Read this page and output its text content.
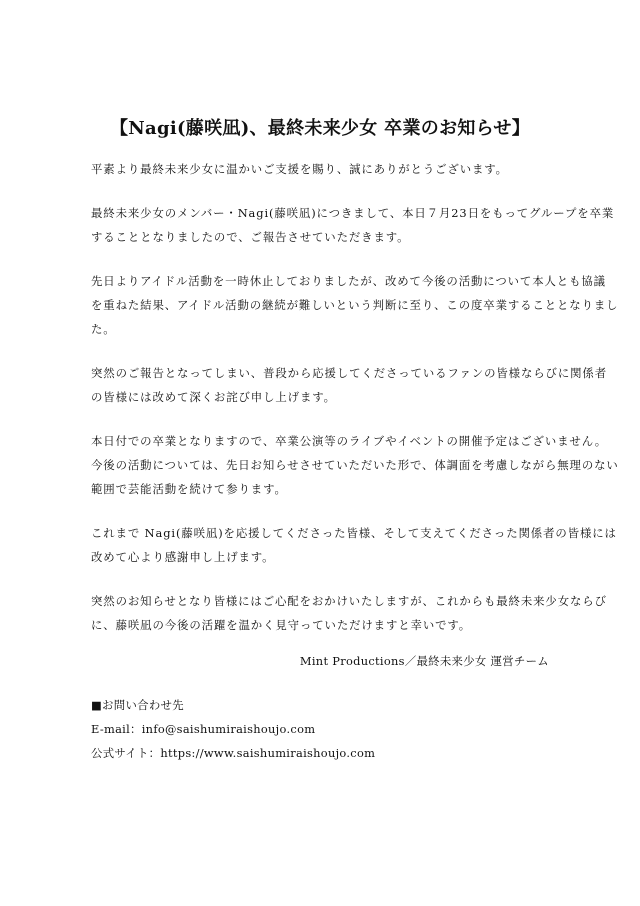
【Nagi(藤咲凪)、最終未来少女 卒業のお知らせ】
平素より最終未来少女に温かいご支援を賜り、誠にありがとうございます。
最終未来少女のメンバー・Nagi(藤咲凪)につきまして、本日７月23日をもってグループを卒業
することとなりましたので、ご報告させていただきます。
先日よりアイドル活動を一時休止しておりましたが、改めて今後の活動について本人とも協議
を重ねた結果、アイドル活動の継続が難しいという判断に至り、この度卒業することとなりまし
た。
突然のご報告となってしまい、普段から応援してくださっているファンの皆様ならびに関係者
の皆様には改めて深くお詫び申し上げます。
本日付での卒業となりますので、卒業公演等のライブやイベントの開催予定はございません。
今後の活動については、先日お知らせさせていただいた形で、体調面を考慮しながら無理のない
範囲で芸能活動を続けて参ります。
これまで Nagi(藤咲凪)を応援してくださった皆様、そして支えてくださった関係者の皆様には
改めて心より感謝申し上げます。
突然のお知らせとなり皆様にはご心配をおかけいたしますが、これからも最終未来少女ならび
に、藤咲凪の今後の活躍を温かく見守っていただけますと幸いです。
Mint Productions／最終未来少女 運営チーム
■お問い合わせ先
E-mail：info@saishumiraishoujo.com
公式サイト：https://www.saishumiraishoujo.com
